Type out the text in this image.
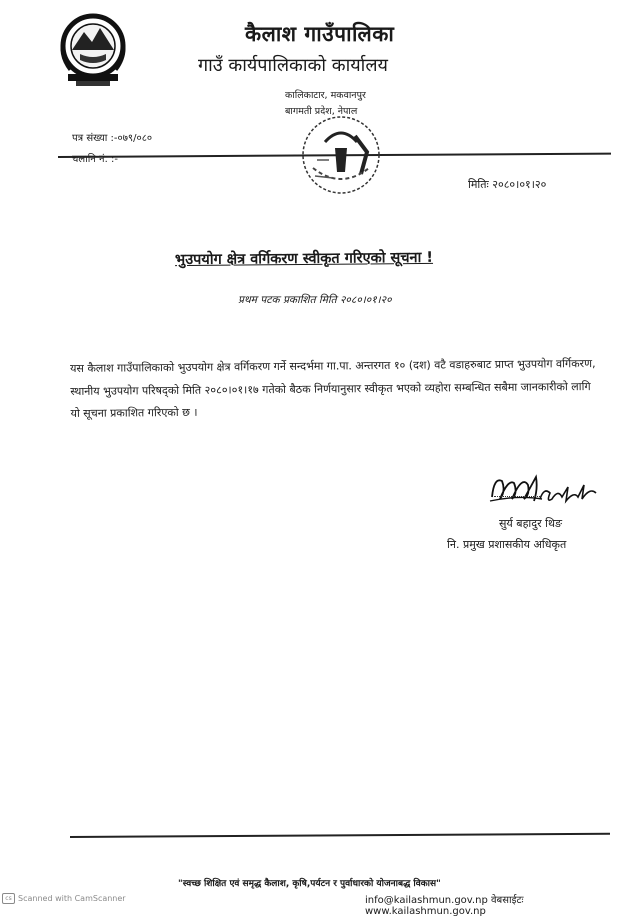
कैलाश गाउँपालिका
गाउँ कार्यपालिकाको कार्यालय
कालिकाटार, मकवानपुर
बागमती प्रदेश, नेपाल
पत्र संख्या :-०७९/०८०
चलानि नं. :-
मितिः २०८०।०१।२०
भुउपयोग क्षेत्र वर्गिकरण स्वीकृत गरिएको सूचना !
प्रथम पटक प्रकाशित मिति २०८०।०१।२०
यस कैलाश गाउँपालिकाको भुउपयोग क्षेत्र वर्गिकरण गर्ने सन्दर्भमा गा.पा. अन्तरगत १० (दश) वटै वडाहरुबाट प्राप्त भुउपयोग वर्गिकरण, स्थानीय भुउपयोग परिषद्को मिति २०८०।०१।१७ गतेको बैठक निर्णयानुसार स्वीकृत भएको व्यहोरा सम्बन्धित सबैमा जानकारीको लागि यो सूचना प्रकाशित गरिएको छ ।
सुर्य बहादुर थिङ
नि. प्रमुख प्रशासकीय अधिकृत
"स्वच्छ शिक्षित एवं समृद्ध कैलाश, कृषि,पर्यटन र पुर्वाधारको योजनाबद्ध विकास"
info@kailashmun.gov.np वेबसाईटः www.kailashmun.gov.np
cs Scanned with CamScanner
